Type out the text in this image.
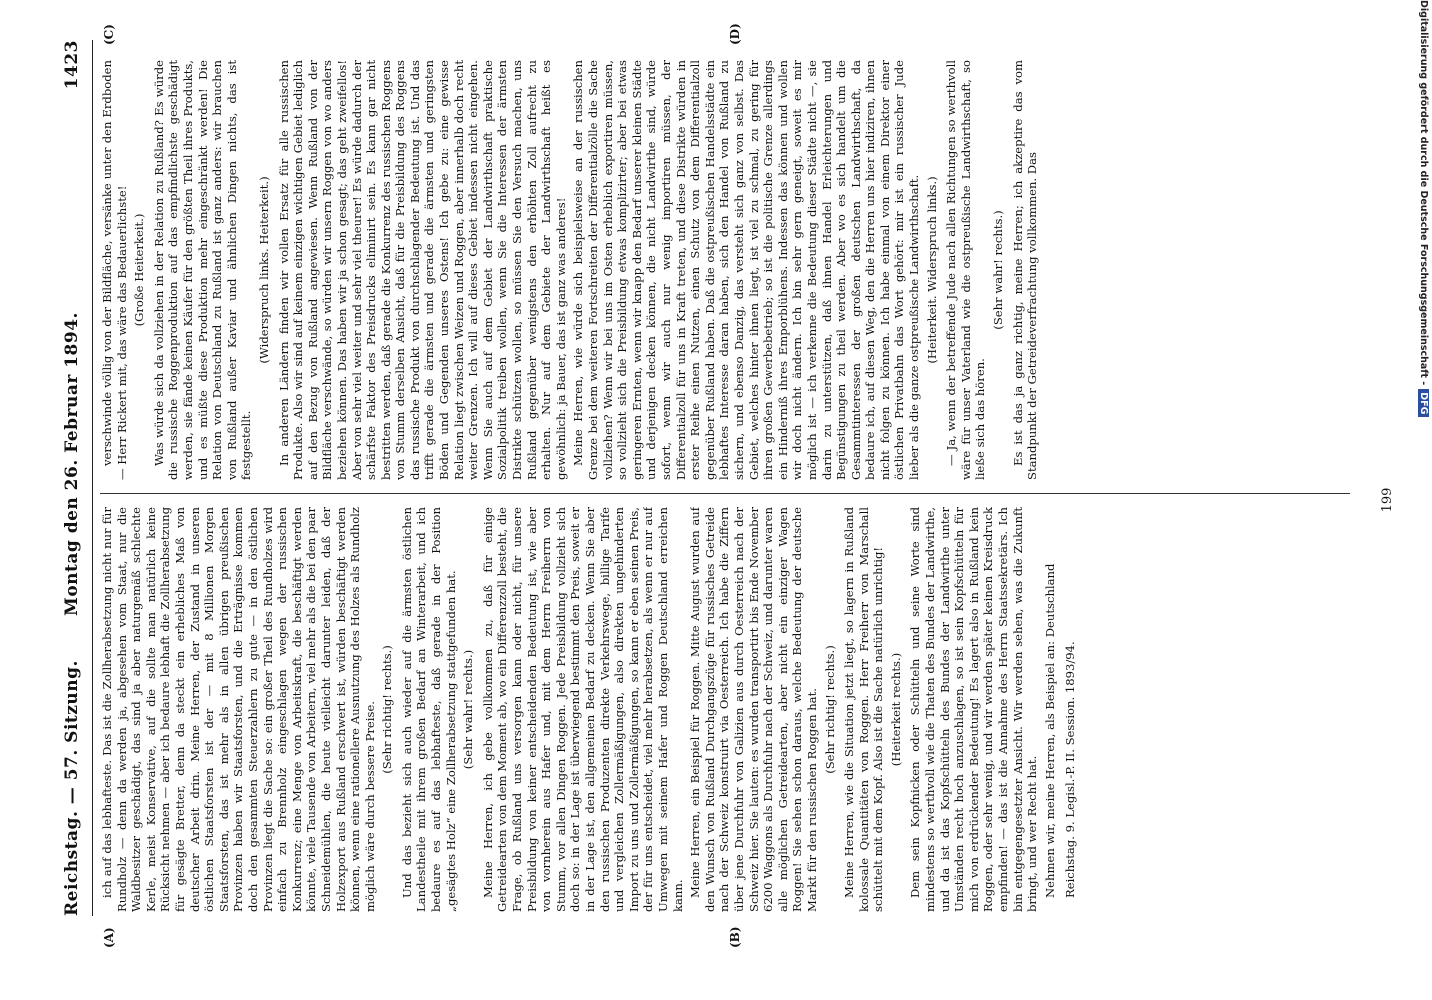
Reichstag. — 57. Sitzung.
Montag den 26. Februar 1894.
1423
(A)	(B)
(C)	(D)

ich auf das lebhafteste. Das ist die Zollherabsetzung nicht nur für Rundholz — denn da werden ja, abgesehen vom Staat, nur die Waldbesitzer geschädigt, das sind ja aber naturgemäß schlechte Kerle, meist Konservative, auf die sollte man natürlich keine Rücksicht nehmen — aber ich bedaure lebhaft die Zollherabsetzung für gesägte Bretter, denn da steckt ein erhebliches Maß von deutscher Arbeit drin. Meine Herren, der Zustand in unseren östlichen Staatsforsten ist der — mit 8 Millionen Morgen Staatsforsten, das ist mehr als in allen übrigen preußischen Provinzen haben wir Staatsforsten, und die Erträgnisse kommen doch den gesammten Steuerzahlern zu gute — in den östlichen Provinzen liegt die Sache so: ein großer Theil des Rundholzes wird einfach zu Brennholz eingeschlagen wegen der russischen Konkurrenz; eine Menge von Arbeitskraft, die beschäftigt werden könnte, viele Tausende von Arbeitern, viel mehr als die bei den paar Schneidemühlen, die heute vielleicht darunter leiden, daß der Holzexport aus Rußland erschwert ist, würden beschäftigt werden können, wenn eine rationellere Ausnutzung des Holzes als Rundholz möglich wäre durch bessere Preise. (Sehr richtig! rechts.) Und das bezieht sich auch wieder auf die ärmsten östlichen Landestheile mit ihrem großen Bedarf an Winterarbeit, und ich bedaure es auf das lebhafteste, daß gerade in der Position „gesägtes Holz“ eine Zollherabsetzung stattgefunden hat. (Sehr wahr! rechts.) Meine Herren, ich gebe vollkommen zu, daß für einige Getreidearten von dem Moment ab, wo ein Differenzzoll besteht, die Frage, ob Rußland uns versorgen kann oder nicht, für unsere Preisbildung von keiner entscheidenden Bedeutung ist, wie aber von vornherein aus Hafer und, mit dem Herrn Freiherrn von Stumm, vor allen Dingen Roggen. Jede Preisbildung vollzieht sich doch so: in der Lage ist überwiegend bestimmt den Preis, soweit er in der Lage ist, den allgemeinen Bedarf zu decken. Wenn Sie aber den russischen Produzenten direkte Verkehrswege, billige Tarife und vergleichen Zollermäßigungen, also direkten ungehinderten Import zu uns und Zollermäßigungen, so kann er eben seinen Preis, der für uns entscheidet, viel mehr herabsetzen, als wenn er nur auf Umwegen mit seinem Hafer und Roggen Deutschland erreichen kann. Meine Herren, ein Beispiel für Roggen. Mitte August wurden auf den Wunsch von Rußland Durchgangszüge für russisches Getreide nach der Schweiz konstruirt via Oesterreich. Ich habe die Ziffern über jene Durchfuhr von Galizien aus durch Oesterreich nach der Schweiz hier. Sie lauten: es wurden transportirt bis Ende November 6200 Waggons als Durchfuhr nach der Schweiz, und darunter waren alle möglichen Getreidearten, aber nicht ein einziger Wagen Roggen! Sie sehen schon daraus, welche Bedeutung der deutsche Markt für den russischen Roggen hat. (Sehr richtig! rechts.) Meine Herren, wie die Situation jetzt liegt, so lagern in Rußland kolossale Quantitäten von Roggen. Herr Freiherr von Marschall schüttelt mit dem Kopf. Also ist die Sache natürlich unrichtig! (Heiterkeit rechts.) Dem sein Kopfnicken oder Schütteln und seine Worte sind mindestens so werthvoll wie die Thaten des Bundes der Landwirthe, und da ist das Kopfschütteln des Bundes der Landwirthe unter Umständen recht hoch anzuschlagen, so ist sein Kopfschütteln für mich von erdrückender Bedeutung! Es lagert also in Rußland kein Roggen, oder sehr wenig, und wir werden später keinen Kreisdruck empfinden! — das ist die Annahme des Herrn Staatssekretärs. Ich bin entgegengesetzter Ansicht. Wir werden sehen, was die Zukunft bringt, und wer Recht hat. Nehmen wir, meine Herren, als Beispiel an: Deutschland Reichstag. 9. Legisl.-P. II. Session. 1893/94.

verschwinde völlig von der Bildfläche, versänke unter den Erdboden — Herr Rickert mit, das wäre das Bedauerlichste! (Große Heiterkeit.) Was würde sich da vollziehen in der Relation zu Rußland? Es würde die russische Roggenproduktion auf das empfindlichste geschädigt werden, sie fände keinen Käufer für den größten Theil ihres Produkts, und es müßte diese Produktion mehr eingeschränkt werden! Die Relation von Deutschland zu Rußland ist ganz anders: wir brauchen von Rußland außer Kaviar und ähnlichen Dingen nichts, das ist festgestellt.

(Widerspruch links. Heiterkeit.) In anderen Ländern finden wir vollen Ersatz für alle russischen Produkte. Also wir sind auf keinem einzigen wichtigen Gebiet lediglich auf den Bezug von Rußland angewiesen. Wenn Rußland von der Bildfläche verschwände, so würden wir unsern Roggen von wo anders beziehen können. Das haben wir ja schon gesagt; das geht zweifellos! Aber von sehr viel weiter und sehr viel theurer! Es würde dadurch der schärfste Faktor des Preisdrucks eliminirt sein. Es kann gar nicht bestritten werden, daß gerade die Konkurrenz des russischen Roggens von Stumm derselben Ansicht, daß für die Preisbildung des Roggens das russische Produkt von durchschlagender Bedeutung ist. Und das trifft gerade die ärmsten und gerade die ärmsten und geringsten Böden und Gegenden unseres Ostens! Ich gebe zu: eine gewisse Relation liegt zwischen Weizen und Roggen, aber innerhalb doch recht weiter Grenzen. Ich will auf dieses Gebiet indessen nicht eingehen. Wenn Sie auch auf dem Gebiet der Landwirthschaft praktische Sozialpolitik treiben wollen, wenn Sie die Interessen der ärmsten Distrikte schützen wollen, so müssen Sie den Versuch machen, uns Rußland gegenüber wenigstens den erhöhten Zoll aufrecht zu erhalten. Nur auf dem Gebiete der Landwirthschaft heißt es gewöhnlich: ja Bauer, das ist ganz was anderes! Meine Herren, wie würde sich beispielsweise an der russischen Grenze bei dem weiteren Fortschreiten der Differentialzölle die Sache vollziehen? Wenn wir bei uns im Osten erheblich exportiren müssen, so vollzieht sich die Preisbildung etwas komplizirter; aber bei etwas geringeren Ernten, wenn wir knapp den Bedarf unserer kleinen Städte und derjenigen decken können, die nicht Landwirthe sind, würde sofort, wenn wir auch nur wenig importiren müssen, der Differentialzoll für uns in Kraft treten, und diese Distrikte würden in erster Reihe einen Nutzen, einen Schutz von dem Differentialzoll gegenüber Rußland haben. Daß die ostpreußischen Handelsstädte ein lebhaftes Interesse daran haben, sich den Handel von Rußland zu sichern, und ebenso Danzig, das versteht sich ganz von selbst. Das Gebiet, welches hinter ihnen liegt, ist viel zu schmal, zu gering für ihren großen Gewerbebetrieb; so ist die politische Grenze allerdings ein Hinderniß ihres Emporblühens. Indessen das können und wollen wir doch nicht ändern. Ich bin sehr gern geneigt, soweit es mir möglich ist — ich verkenne die Bedeutung dieser Städte nicht —, sie darin zu unterstützen, daß ihnen Handel Erleichterungen und Begünstigungen zu theil werden. Aber wo es sich handelt um die Gesammtinteressen der großen deutschen Landwirthschaft, da bedaure ich, auf diesen Weg, den die Herren uns hier indiziren, ihnen nicht folgen zu können. Ich habe einmal von einem Direktor einer östlichen Privatbahn das Wort gehört: mir ist ein russischer Jude lieber als die ganze ostpreußische Landwirthschaft. (Heiterkeit. Widerspruch links.) — Ja, wenn der betreffende Jude nach allen Richtungen so werthvoll wäre für unser Vaterland wie die ostpreußische Landwirthschaft, so ließe sich das hören.

(Sehr wahr! rechts.) Es ist das ja ganz richtig, meine Herren; ich akzeptire das vom Standpunkt der Getreideverfrachtung vollkommen. Das

199
Digitalisierung gefördert durch die Deutsche Forschungsgemeinschaft -DFG
